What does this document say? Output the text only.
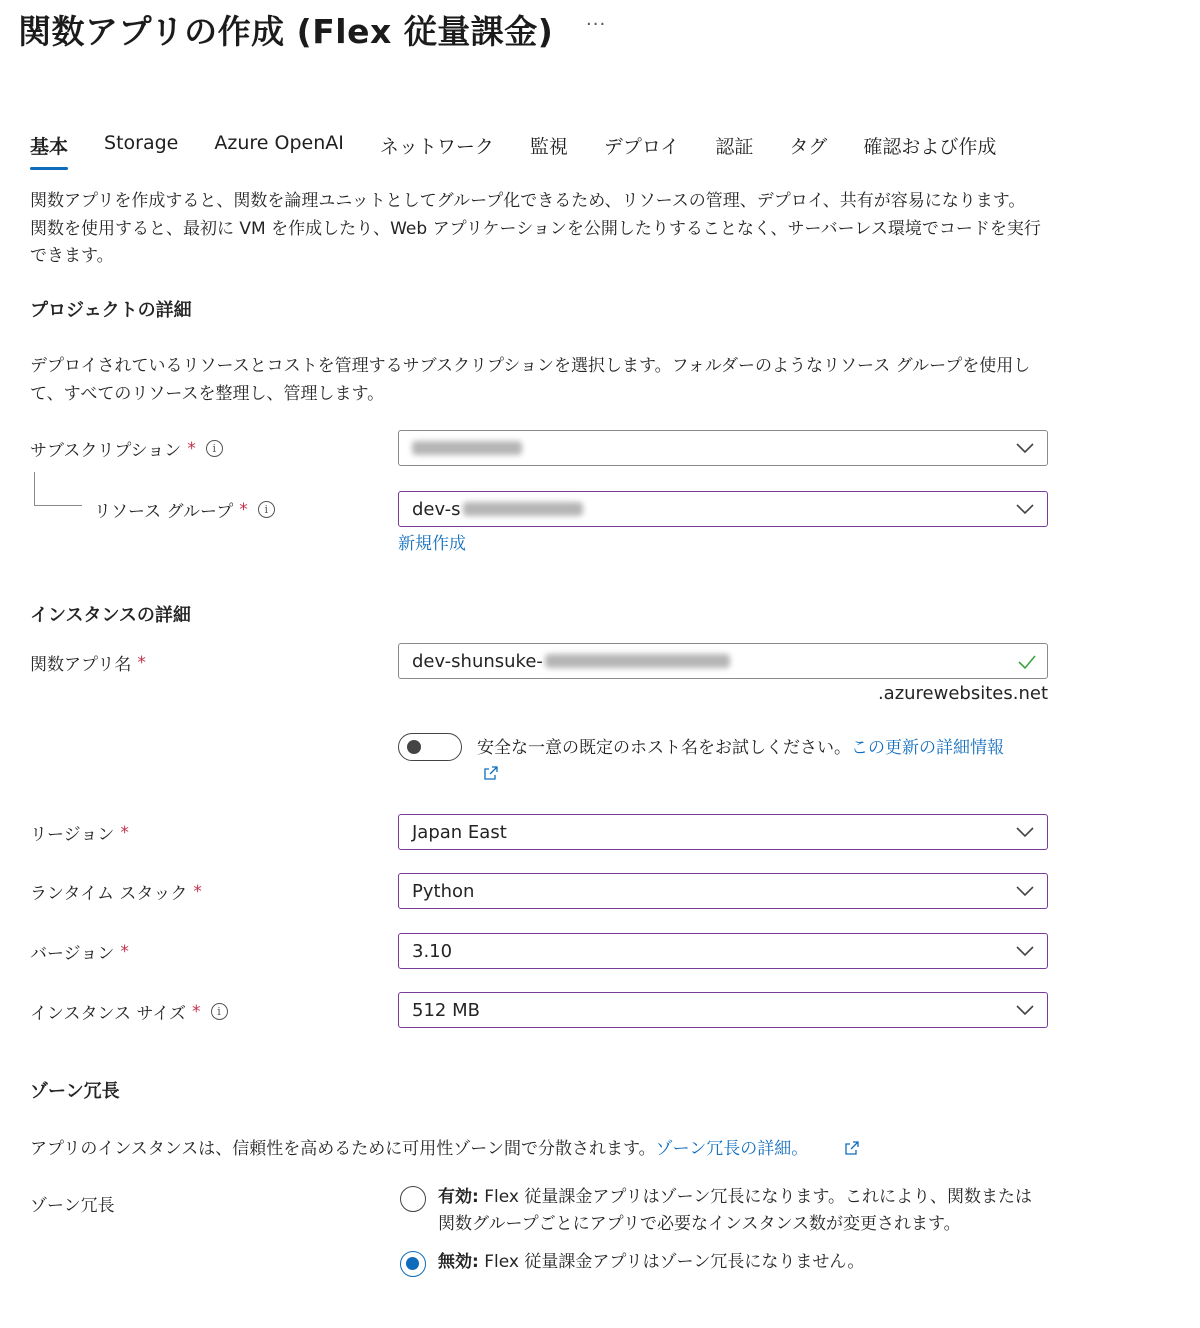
関数アプリの作成 (Flex 従量課金) ···
基本 Storage Azure OpenAI ネットワーク 監視 デプロイ 認証 タグ 確認および作成
関数アプリを作成すると、関数を論理ユニットとしてグループ化できるため、リソースの管理、デプロイ、共有が容易になります。
関数を使用すると、最初に VM を作成したり、Web アプリケーションを公開したりすることなく、サーバーレス環境でコードを実行
できます。
プロジェクトの詳細
デプロイされているリソースとコストを管理するサブスクリプションを選択します。フォルダーのようなリソース グループを使用し
て、すべてのリソースを整理し、管理します。
サブスクリプション *	i
リソース グループ *	i	dev-s
新規作成
インスタンスの詳細
関数アプリ名 *	dev-shunsuke-
.azurewebsites.net
安全な一意の既定のホスト名をお試しください。この更新の詳細情報
リージョン *	Japan East
ランタイム スタック *	Python
バージョン *	3.10
インスタンス サイズ *	i	512 MB
ゾーン冗長
アプリのインスタンスは、信頼性を高めるために可用性ゾーン間で分散されます。ゾーン冗長の詳細。
ゾーン冗長	有効: Flex 従量課金アプリはゾーン冗長になります。これにより、関数または
関数グループごとにアプリで必要なインスタンス数が変更されます。
無効: Flex 従量課金アプリはゾーン冗長になりません。
